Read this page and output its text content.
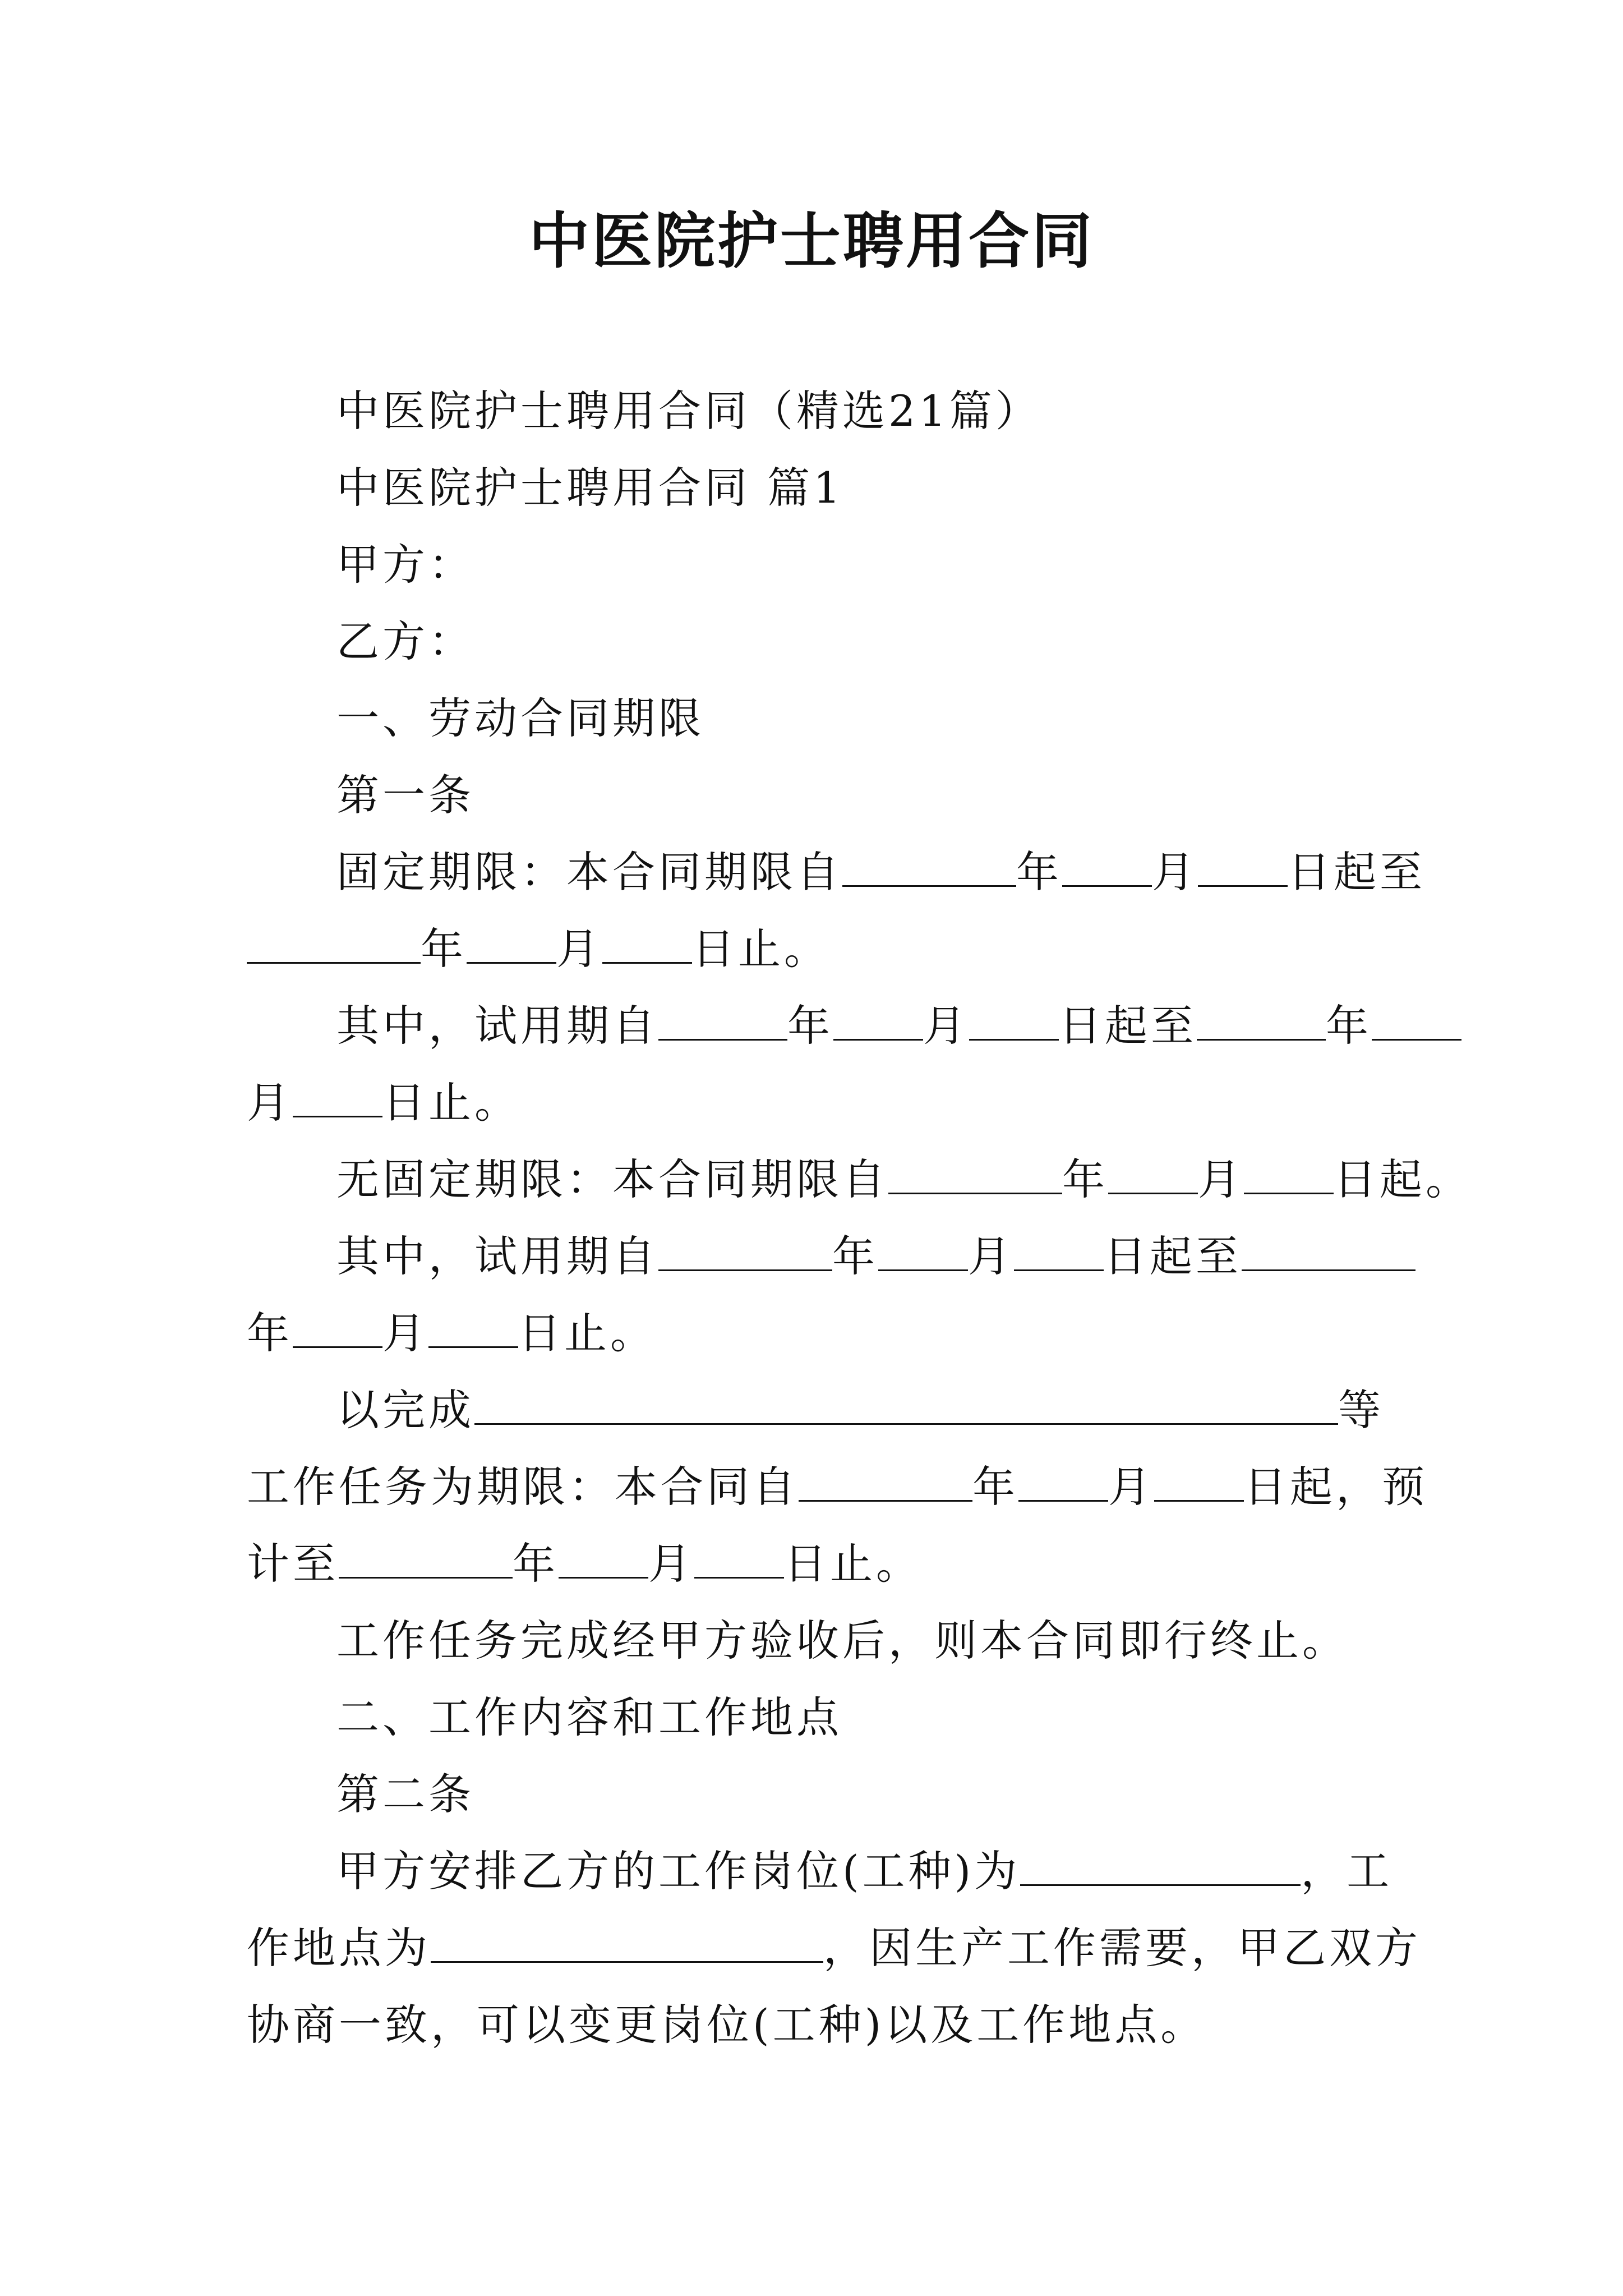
中医院护士聘用合同

中医院护士聘用合同（精选21篇）

中医院护士聘用合同 篇1

甲方：

乙方：

一、劳动合同期限

第一条

固定期限：本合同期限自	年 月 日起至

年 月 日止。

其中，试用期自	年 月 日起至	年

月 日止。

无固定期限：本合同期限自	年 月 日起。

其中，试用期自	年 月 日起至

年 月 日止。

以完成	等

工作任务为期限：本合同自	年 月 日起，预

计至	年 月 日止。

工作任务完成经甲方验收后，则本合同即行终止。

二、工作内容和工作地点

第二条

甲方安排乙方的工作岗位(工种)为	，工

作地点为	，因生产工作需要，甲乙双方

协商一致，可以变更岗位(工种)以及工作地点。
